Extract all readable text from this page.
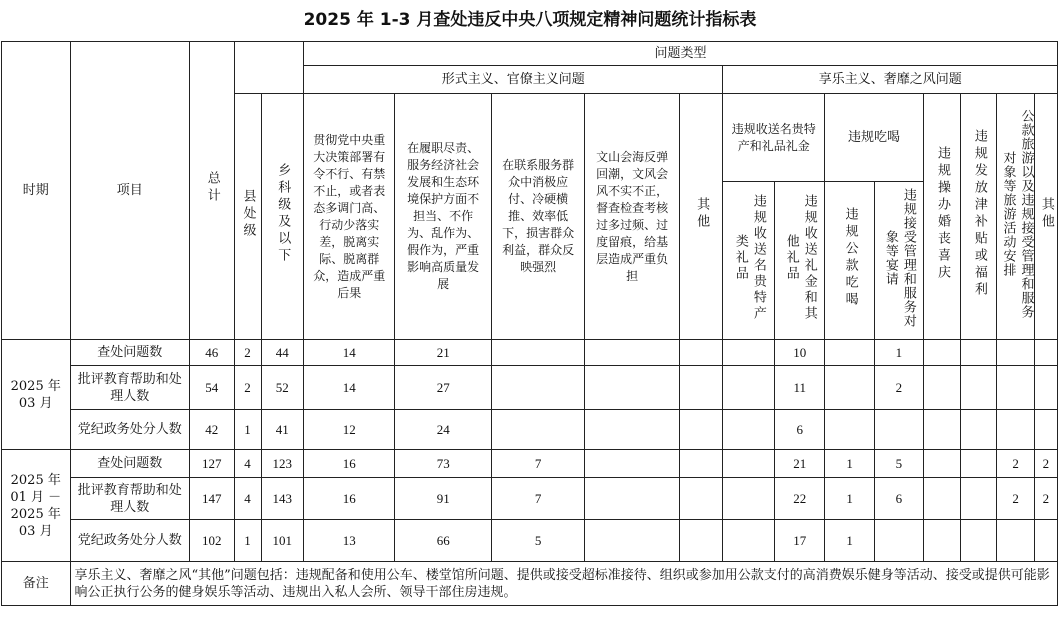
2025 年 1-3 月查处违反中央八项规定精神问题统计指标表
时期	项目	总计			问题类型												
					形式主义、官僚主义问题					享乐主义、奢靡之风问题							
			县处级	乡科级及以下	贯彻党中央重大决策部署有令不行、有禁不止，或者表态多调门高、行动少落实差，脱离实际、脱离群众，造成严重后果	在履职尽责、服务经济社会发展和生态环境保护方面不担当、不作为、乱作为、假作为，严重影响高质量发展	在联系服务群众中消极应付、冷硬横推、效率低下，损害群众利益，群众反映强烈	文山会海反弹回潮，文风会风不实不正，督查检查考核过多过频、过度留痕，给基层造成严重负担	其他	违规收送名贵特产和礼品礼金		违规吃喝		违规操办婚丧喜庆	违规发放津补贴或福利	公款旅游以及违规接受管理和服务对象等旅游活动安排	其他
										违规收送名贵特产类礼品	违规收送礼金和其他礼品	违规公款吃喝	违规接受管理和服务对象等宴请				
2025 年 03 月	查处问题数	46	2	44	14	21					10		1				
	批评教育帮助和处理人数	54	2	52	14	27					11		2				
	党纪政务处分人数	42	1	41	12	24					6						
2025 年 01 月 － 2025 年 03 月	查处问题数	127	4	123	16	73	7				21	1	5			2	2
	批评教育帮助和处理人数	147	4	143	16	91	7				22	1	6			2	2
	党纪政务处分人数	102	1	101	13	66	5				17	1					
备注	享乐主义、奢靡之风“其他”问题包括：违规配备和使用公车、楼堂馆所问题、提供或接受超标准接待、组织或参加用公款支付的高消费娱乐健身等活动、接受或提供可能影响公正执行公务的健身娱乐等活动、违规出入私人会所、领导干部住房违规。																
